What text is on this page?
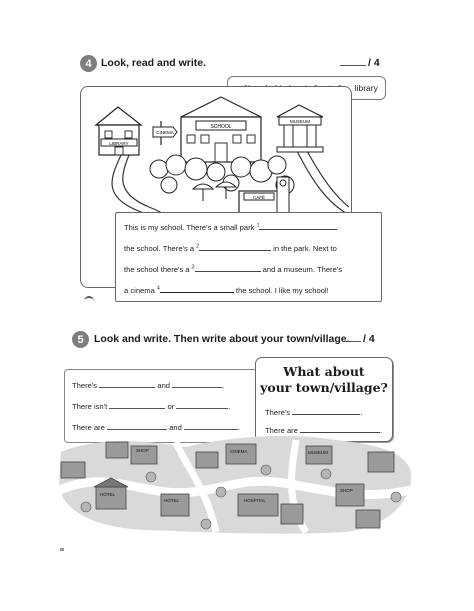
4 Look, read and write.	/ 4
library
LIBRARY
CINEMA
SCHOOL
MUSEUM
CAFÉ
This is my school. There's a small park $^1$
the school. There's a $^2$	in the park. Next to
the school there's a $^3$	and a museum. There's
a cinema $^4$	the school. I like my school!
5 Look and write. Then write about your town/village.	/ 4
There's	and	.
There isn't	or	.
There are	and	.
What about
your town/village?
There's	.
There are	.
SHOP	CINEMA
HOTEL
HOTEL	HOSPITAL
SHOP
MUSEUM
